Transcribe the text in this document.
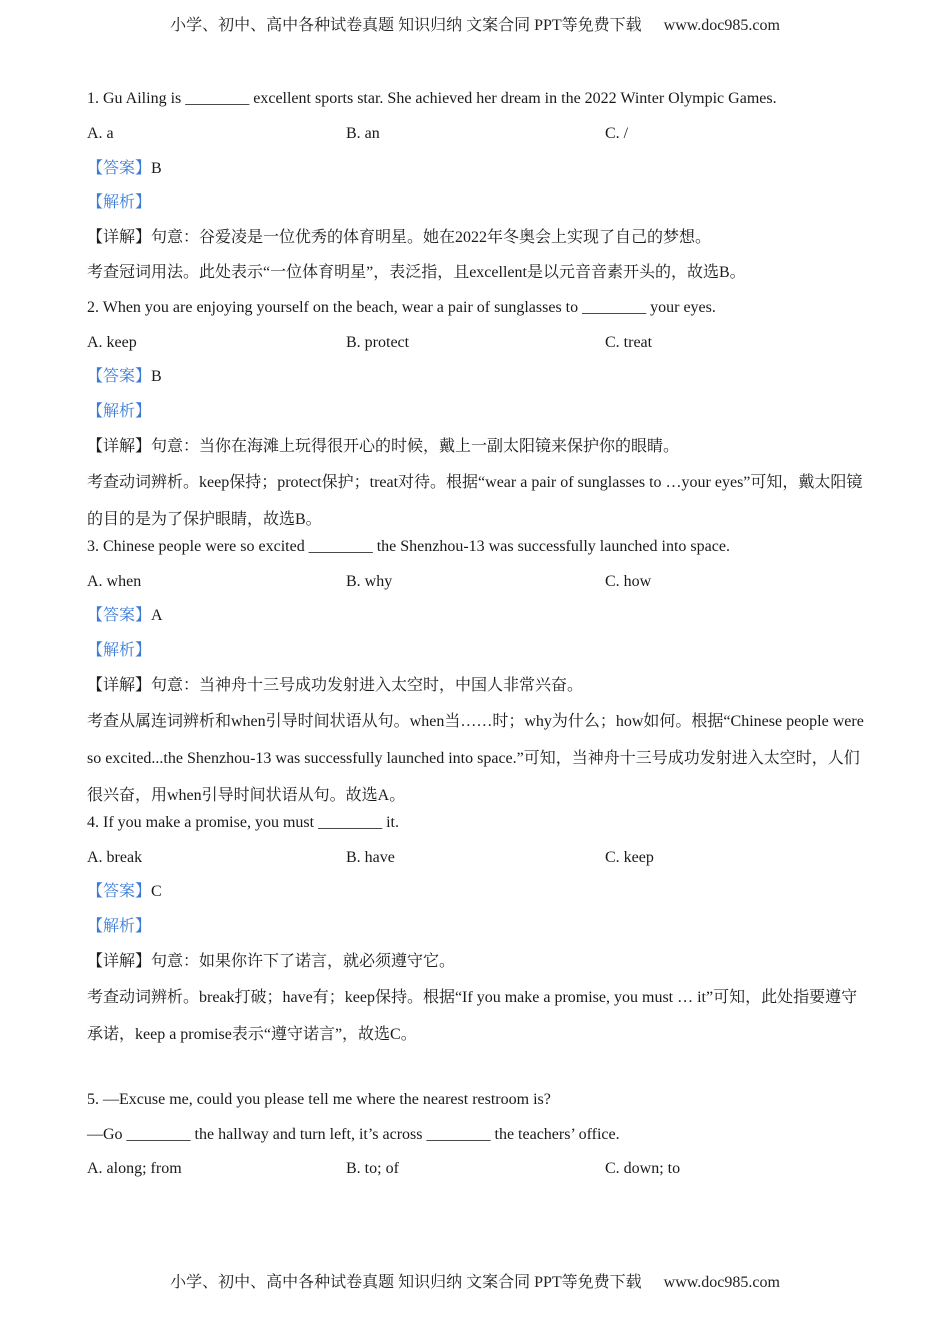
小学、初中、高中各种试卷真题 知识归纳 文案合同 PPT等免费下载 www.doc985.com
1. Gu Ailing is ________ excellent sports star. She achieved her dream in the 2022 Winter Olympic Games.
A. a	B. an	C. /
【答案】B
【解析】
【详解】句意：谷爱凌是一位优秀的体育明星。她在2022年冬奥会上实现了自己的梦想。
考查冠词用法。此处表示“一位体育明星”，表泛指，且excellent是以元音音素开头的，故选B。
2. When you are enjoying yourself on the beach, wear a pair of sunglasses to ________ your eyes.
A. keep	B. protect	C. treat
【答案】B
【解析】
【详解】句意：当你在海滩上玩得很开心的时候，戴上一副太阳镜来保护你的眼睛。
考查动词辨析。keep保持；protect保护；treat对待。根据“wear a pair of sunglasses to …your eyes”可知，戴太阳镜的目的是为了保护眼睛，故选B。
3. Chinese people were so excited ________ the Shenzhou-13 was successfully launched into space.
A. when	B. why	C. how
【答案】A
【解析】
【详解】句意：当神舟十三号成功发射进入太空时，中国人非常兴奋。
考查从属连词辨析和when引导时间状语从句。when当……时；why为什么；how如何。根据“Chinese people were so excited...the Shenzhou-13 was successfully launched into space.”可知，当神舟十三号成功发射进入太空时，人们很兴奋，用when引导时间状语从句。故选A。
4. If you make a promise, you must ________ it.
A. break	B. have	C. keep
【答案】C
【解析】
【详解】句意：如果你许下了诺言，就必须遵守它。
考查动词辨析。break打破；have有；keep保持。根据“If you make a promise, you must … it”可知，此处指要遵守承诺，keep a promise表示“遵守诺言”，故选C。
5. —Excuse me, could you please tell me where the nearest restroom is?
—Go ________ the hallway and turn left, it’s across ________ the teachers’ office.
A. along; from	B. to; of	C. down; to
小学、初中、高中各种试卷真题 知识归纳 文案合同 PPT等免费下载 www.doc985.com
